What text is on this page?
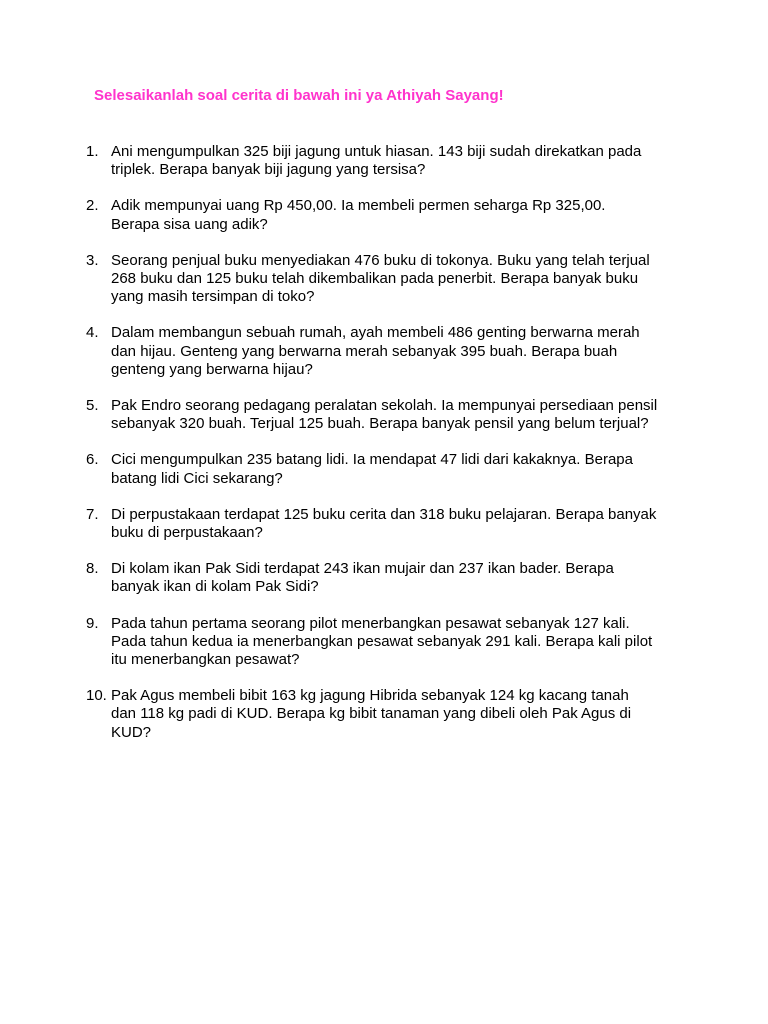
Selesaikanlah soal cerita di bawah ini ya Athiyah Sayang!

1. Ani mengumpulkan 325 biji jagung untuk hiasan. 143 biji sudah direkatkan pada
triplek. Berapa banyak biji jagung yang tersisa?
2. Adik mempunyai uang Rp 450,00. Ia membeli permen seharga Rp 325,00.
Berapa sisa uang adik?
3. Seorang penjual buku menyediakan 476 buku di tokonya. Buku yang telah terjual
268 buku dan 125 buku telah dikembalikan pada penerbit. Berapa banyak buku
yang masih tersimpan di toko?
4. Dalam membangun sebuah rumah, ayah membeli 486 genting berwarna merah
dan hijau. Genteng yang berwarna merah sebanyak 395 buah. Berapa buah
genteng yang berwarna hijau?
5. Pak Endro seorang pedagang peralatan sekolah. Ia mempunyai persediaan pensil
sebanyak 320 buah. Terjual 125 buah. Berapa banyak pensil yang belum terjual?
6. Cici mengumpulkan 235 batang lidi. Ia mendapat 47 lidi dari kakaknya. Berapa
batang lidi Cici sekarang?
7. Di perpustakaan terdapat 125 buku cerita dan 318 buku pelajaran. Berapa banyak
buku di perpustakaan?
8. Di kolam ikan Pak Sidi terdapat 243 ikan mujair dan 237 ikan bader. Berapa
banyak ikan di kolam Pak Sidi?
9. Pada tahun pertama seorang pilot menerbangkan pesawat sebanyak 127 kali.
Pada tahun kedua ia menerbangkan pesawat sebanyak 291 kali. Berapa kali pilot
itu menerbangkan pesawat?
10. Pak Agus membeli bibit 163 kg jagung Hibrida sebanyak 124 kg kacang tanah
dan 118 kg padi di KUD. Berapa kg bibit tanaman yang dibeli oleh Pak Agus di
KUD?
